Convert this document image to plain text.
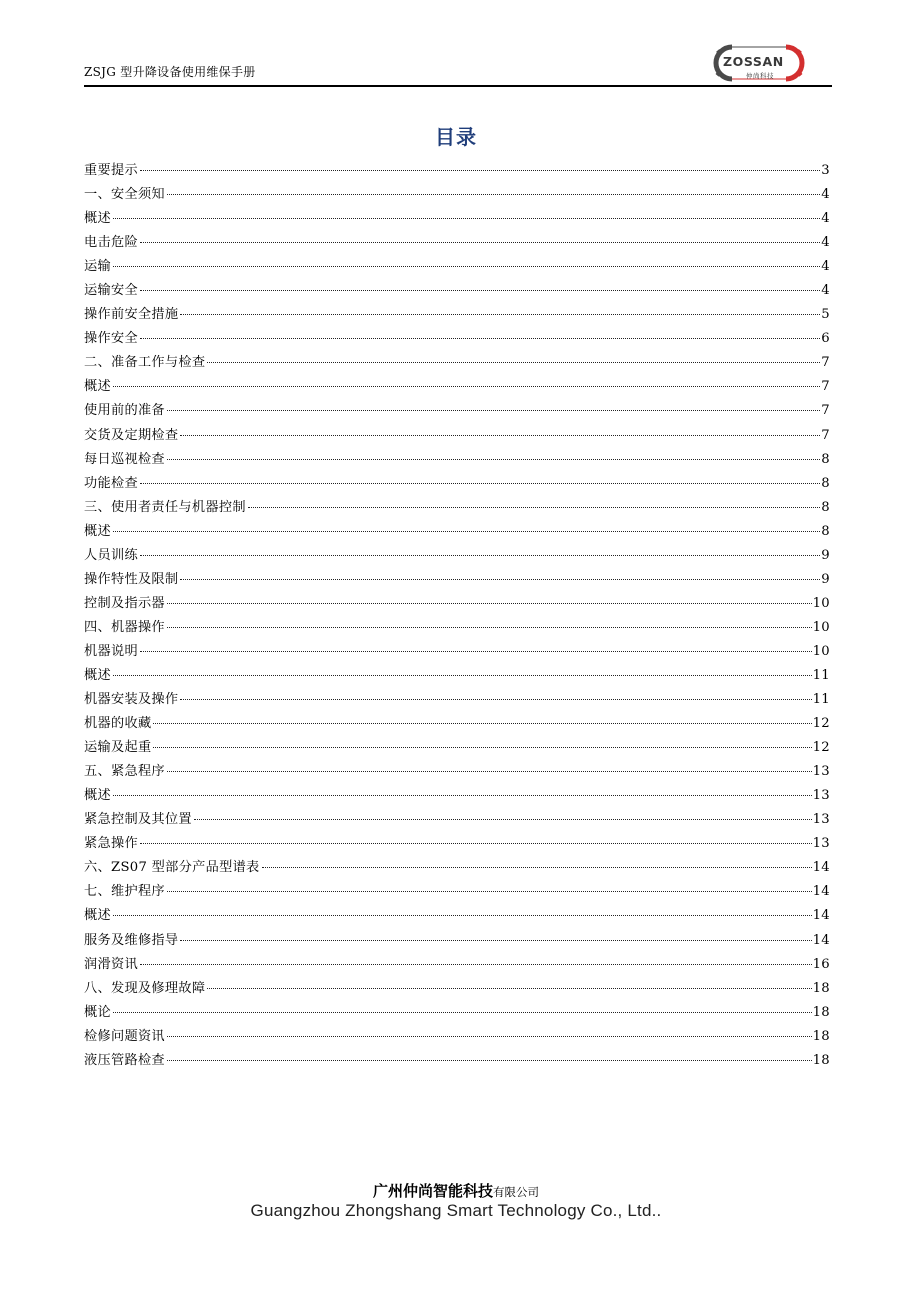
ZSJG 型升降设备使用维保手册
ZOSSAN
仲尚科技
目录
重要提示	3
一、安全须知	4
概述	4
电击危险	4
运输	4
运输安全	4
操作前安全措施	5
操作安全	6
二、准备工作与检查	7
概述	7
使用前的准备	7
交货及定期检查	7
每日巡视检查	8
功能检查	8
三、使用者责任与机器控制	8
概述	8
人员训练	9
操作特性及限制	9
控制及指示器	10
四、机器操作	10
机器说明	10
概述	11
机器安装及操作	11
机器的收藏	12
运输及起重	12
五、紧急程序	13
概述	13
紧急控制及其位置	13
紧急操作	13
六、ZS07 型部分产品型谱表	14
七、维护程序	14
概述	14
服务及维修指导	14
润滑资讯	16
八、发现及修理故障	18
概论	18
检修问题资讯	18
液压管路检查	18
广州仲尚智能科技有限公司
Guangzhou Zhongshang Smart Technology Co., Ltd..
